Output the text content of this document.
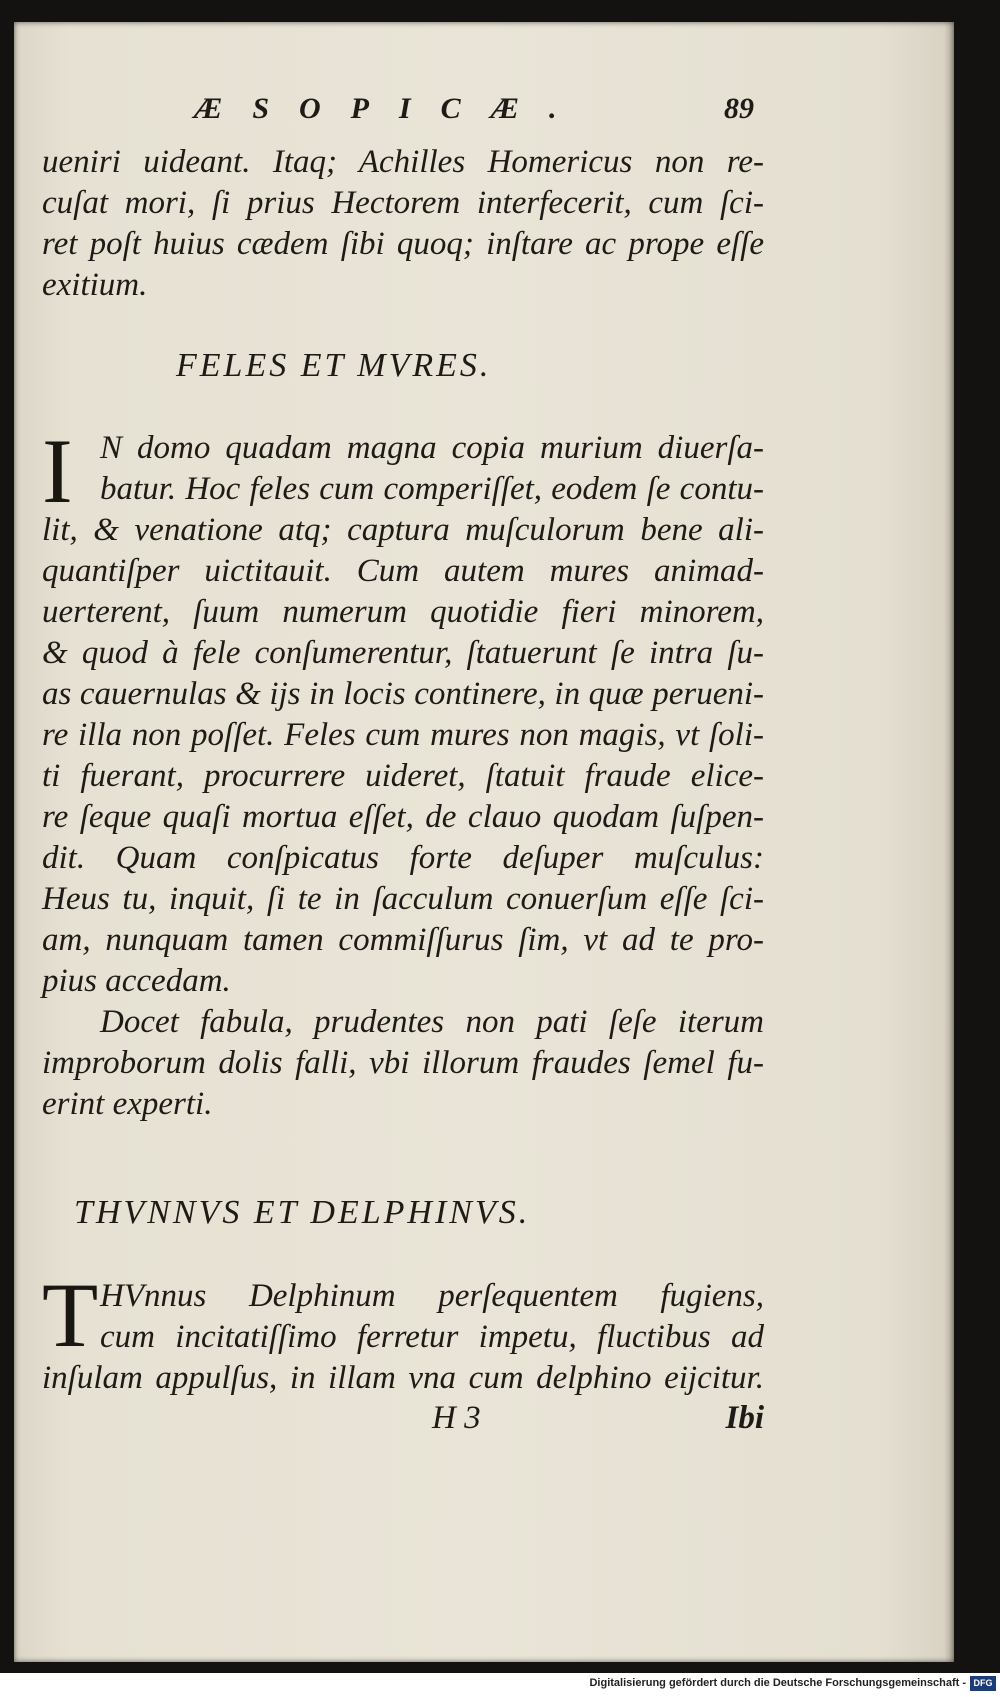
ÆSOPICÆ.	89

ueniri uideant. Itaq; Achilles Homericus non re-

cuſat mori, ſi prius Hectorem interfecerit, cum ſci-

ret poſt huius cædem ſibi quoq; inſtare ac prope eſſe

exitium.

FELES ET MVRES.
I N domo quadam magna copia murium diuerſa-

batur. Hoc feles cum comperiſſet, eodem ſe contu-

lit, & venatione atq; captura muſculorum bene ali-

quantiſper uictitauit. Cum autem mures animad-

uerterent, ſuum numerum quotidie fieri minorem,

& quod à fele conſumerentur, ſtatuerunt ſe intra ſu-

as cauernulas & ijs in locis continere, in quæ perueni-

re illa non poſſet. Feles cum mures non magis, vt ſoli-

ti fuerant, procurrere uideret, ſtatuit fraude elice-

re ſeque quaſi mortua eſſet, de clauo quodam ſuſpen-

dit. Quam conſpicatus forte deſuper muſculus:

Heus tu, inquit, ſi te in ſacculum conuerſum eſſe ſci-

am, nunquam tamen commiſſurus ſim, vt ad te pro-

pius accedam.

Docet fabula, prudentes non pati ſeſe iterum

improborum dolis falli, vbi illorum fraudes ſemel fu-

erint experti.

THVNNVS ET DELPHINVS.
T HVnnus Delphinum perſequentem fugiens,

cum incitatiſſimo ferretur impetu, fluctibus ad

inſulam appulſus, in illam vna cum delphino eijcitur.

H 3	Ibi
Digitalisierung gefördert durch die Deutsche Forschungsgemeinschaft - DFG
